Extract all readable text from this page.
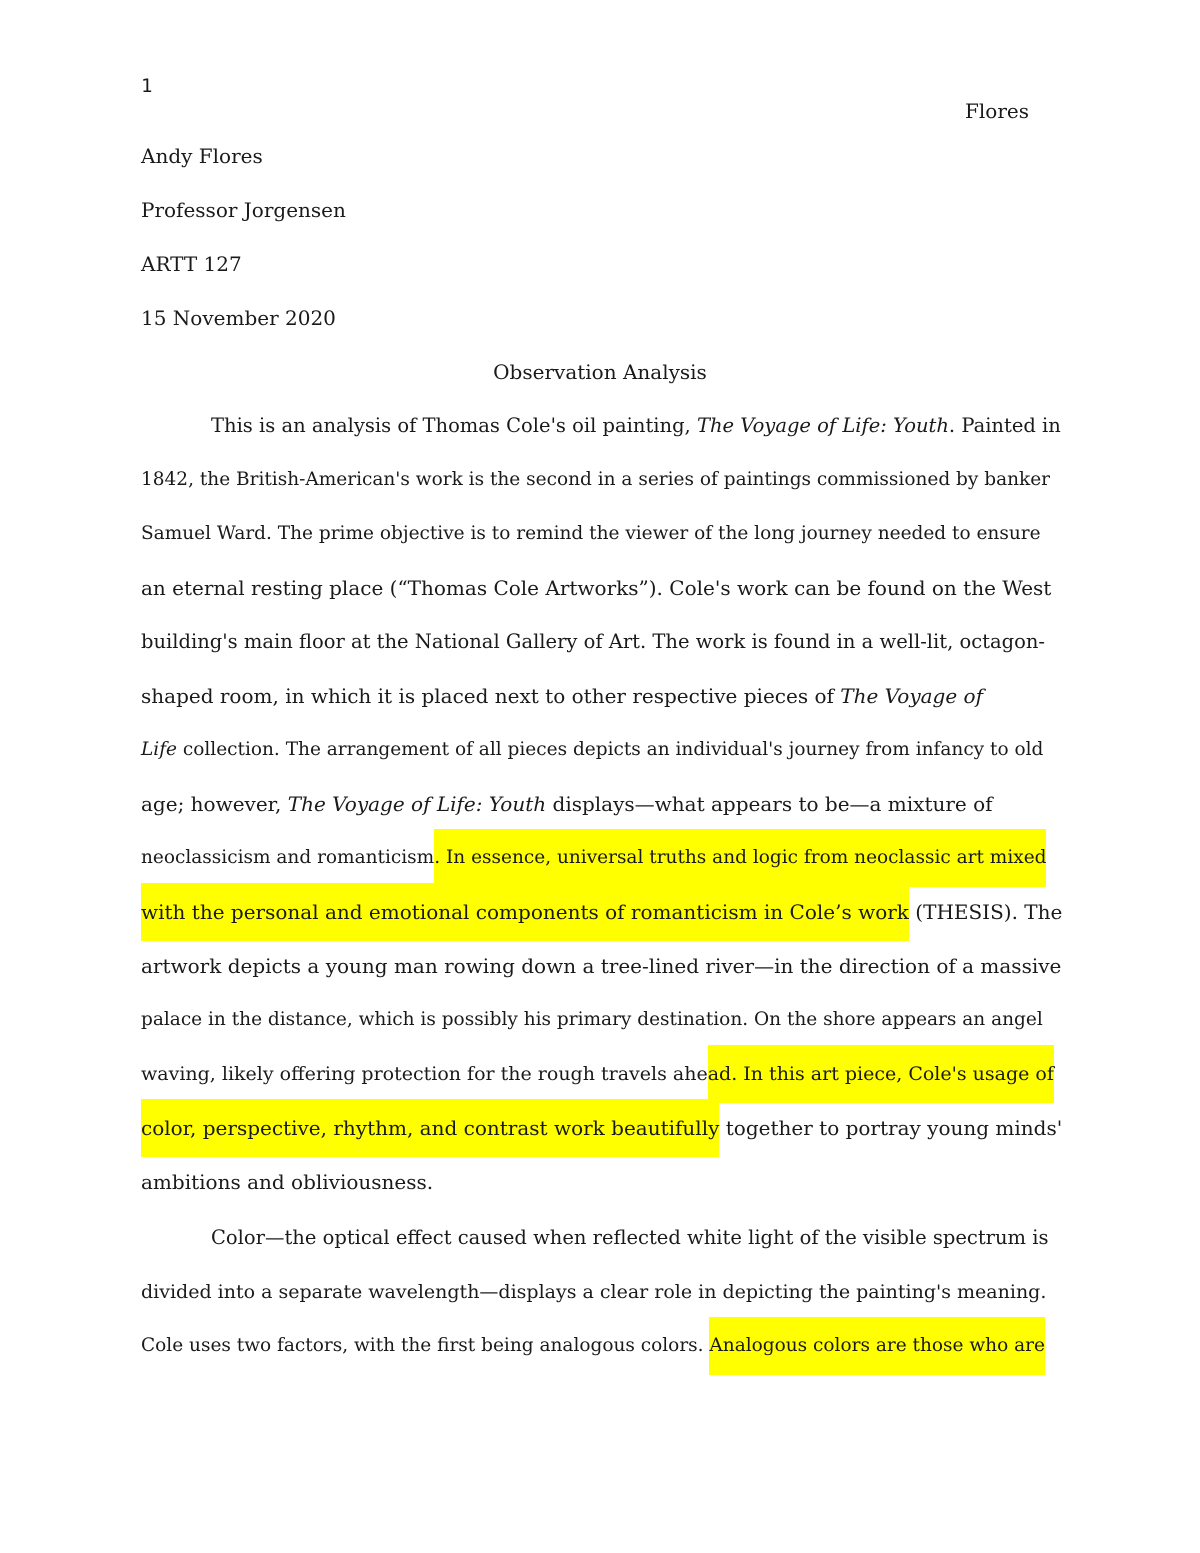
1
Flores
Andy Flores
Professor Jorgensen
ARTT 127
15 November 2020
Observation Analysis
This is an analysis of Thomas Cole's oil painting, The Voyage of Life: Youth . Painted in
1842, the British-American's work is the second in a series of paintings commissioned by banker
Samuel Ward. The prime objective is to remind the viewer of the long journey needed to ensure
an eternal resting place (“Thomas Cole Artworks”). Cole's work can be found on the West
building's main floor at the National Gallery of Art. The work is found in a well-lit, octagon-
shaped room, in which it is placed next to other respective pieces of The Voyage of
Life collection. The arrangement of all pieces depicts an individual's journey from infancy to old
age; however, The Voyage of Life: Youth displays—what appears to be—a mixture of
neoclassicism and romanticism . In essence, universal truths and logic from neoclassic art mixed
with the personal and emotional components of romanticism in Cole’s work (THESIS). The
artwork depicts a young man rowing down a tree-lined river—in the direction of a massive
palace in the distance, which is possibly his primary destination. On the shore appears an angel
waving, likely offering protection for the rough travels ahe ad. In this art piece, Cole's usage of
color, perspective, rhythm, and contrast work beautifully together to portray young minds'
ambitions and obliviousness.
Color—the optical effect caused when reflected white light of the visible spectrum is
divided into a separate wavelength—displays a clear role in depicting the painting's meaning.
Cole uses two factors, with the first being analogous colors. Analogous colors are those who are
